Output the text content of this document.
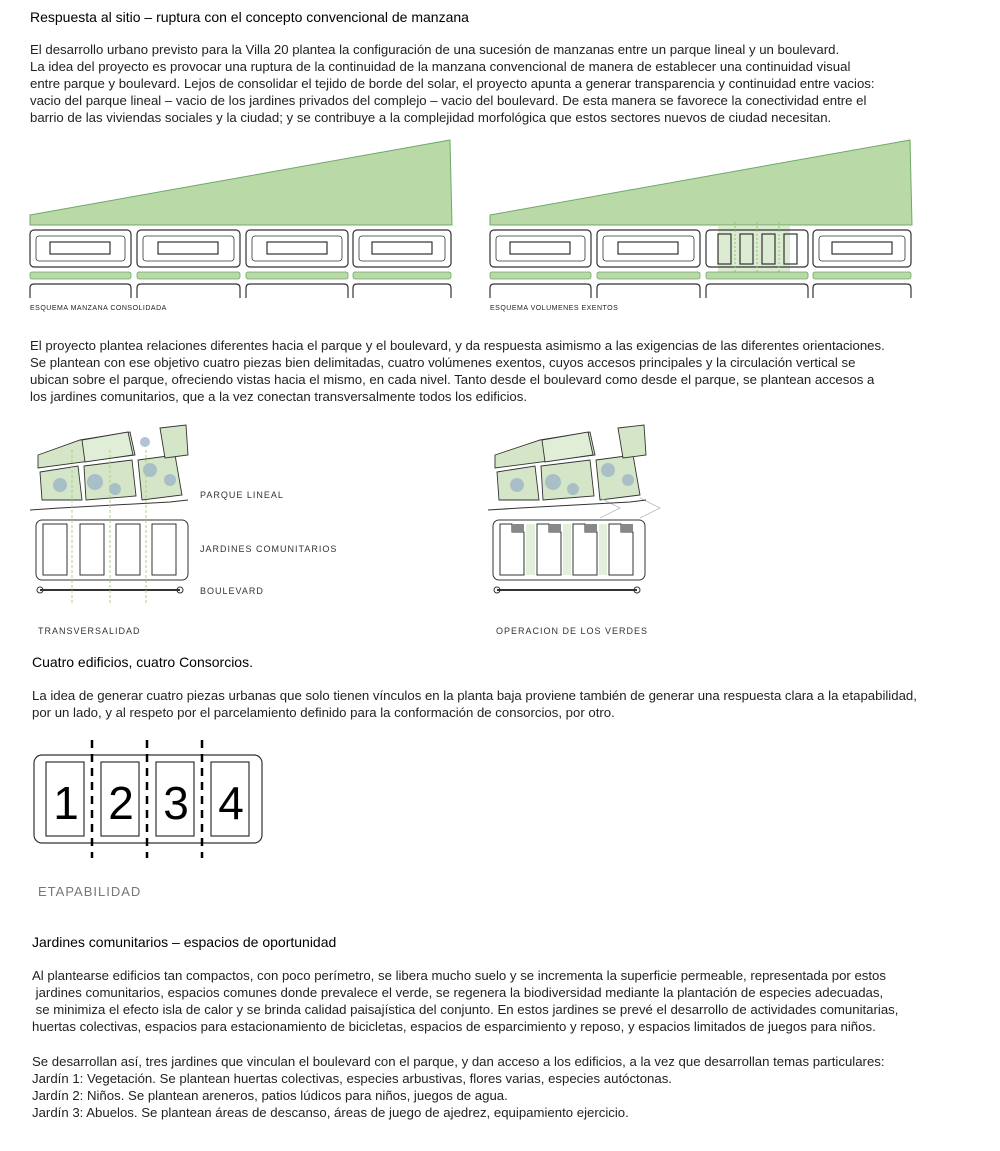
Respuesta al sitio – ruptura con el concepto convencional de manzana
El desarrollo urbano previsto para la Villa 20 plantea la configuración de una sucesión de manzanas entre un parque lineal y un boulevard.
La idea del proyecto es provocar una ruptura de la continuidad de la manzana convencional de manera de establecer una continuidad visual
entre parque y boulevard. Lejos de consolidar el tejido de borde del solar, el proyecto apunta a generar transparencia y continuidad entre vacios:
vacio del parque lineal – vacio de los jardines privados del complejo – vacio del boulevard. De esta manera se favorece la conectividad entre el
barrio de las viviendas sociales y la ciudad; y se contribuye a la complejidad morfológica que estos sectores nuevos de ciudad necesitan.
ESQUEMA MANZANA CONSOLIDADA	ESQUEMA VOLUMENES EXENTOS
El proyecto plantea relaciones diferentes hacia el parque y el boulevard, y da respuesta asimismo a las exigencias de las diferentes orientaciones.
Se plantean con ese objetivo cuatro piezas bien delimitadas, cuatro volúmenes exentos, cuyos accesos principales y la circulación vertical se
ubican sobre el parque, ofreciendo vistas hacia el mismo, en cada nivel. Tanto desde el boulevard como desde el parque, se plantean accesos a
los jardines comunitarios, que a la vez conectan transversalmente todos los edificios.
PARQUE LINEAL
JARDINES COMUNITARIOS
BOULEVARD
TRANSVERSALIDAD	OPERACION DE LOS VERDES
Cuatro edificios, cuatro Consorcios.
La idea de generar cuatro piezas urbanas que solo tienen vínculos en la planta baja proviene también de generar una respuesta clara a la etapabilidad,
por un lado, y al respeto por el parcelamiento definido para la conformación de consorcios, por otro.
1 2 3 4
ETAPABILIDAD
Jardines comunitarios – espacios de oportunidad
Al plantearse edificios tan compactos, con poco perímetro, se libera mucho suelo y se incrementa la superficie permeable, representada por estos
jardines comunitarios, espacios comunes donde prevalece el verde, se regenera la biodiversidad mediante la plantación de especies adecuadas,
se minimiza el efecto isla de calor y se brinda calidad paisajística del conjunto. En estos jardines se prevé el desarrollo de actividades comunitarias,
huertas colectivas, espacios para estacionamiento de bicicletas, espacios de esparcimiento y reposo, y espacios limitados de juegos para niños.
Se desarrollan así, tres jardines que vinculan el boulevard con el parque, y dan acceso a los edificios, a la vez que desarrollan temas particulares:
Jardín 1: Vegetación. Se plantean huertas colectivas, especies arbustivas, flores varias, especies autóctonas.
Jardín 2: Niños. Se plantean areneros, patios lúdicos para niños, juegos de agua.
Jardín 3: Abuelos. Se plantean áreas de descanso, áreas de juego de ajedrez, equipamiento ejercicio.
